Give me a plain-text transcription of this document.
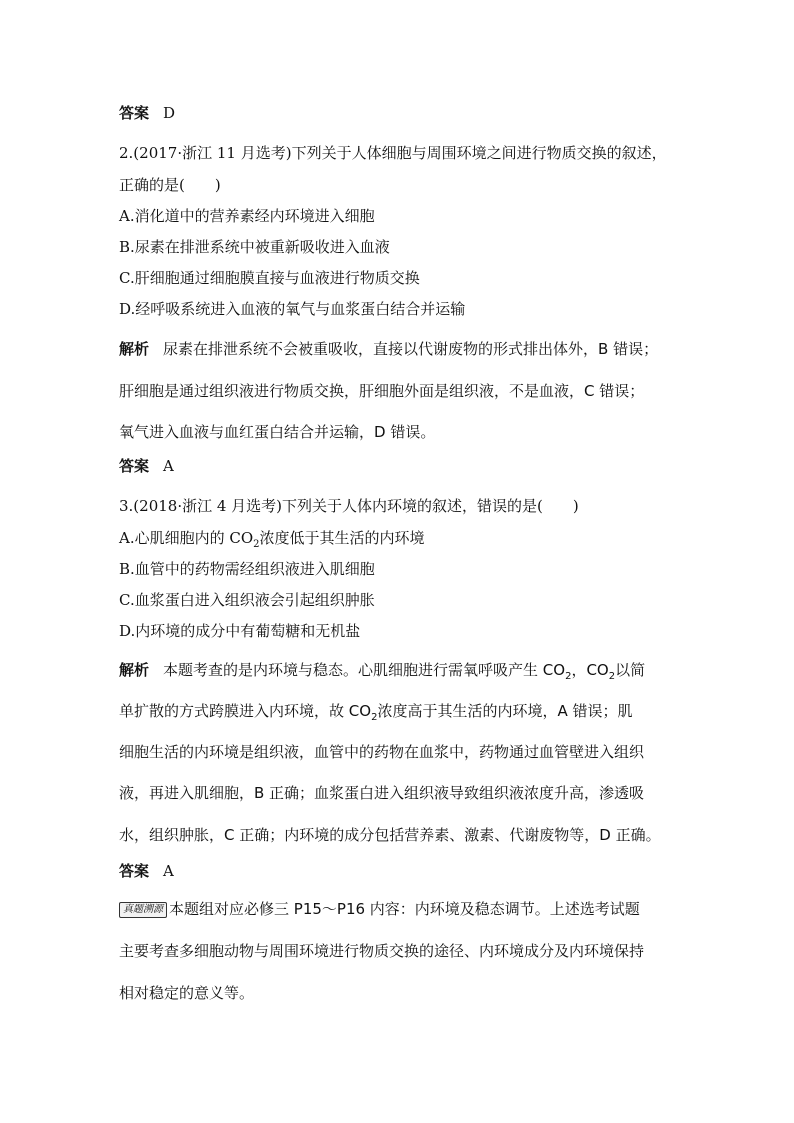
答案 D
2.(2017·浙江 11 月选考)下列关于人体细胞与周围环境之间进行物质交换的叙述，
正确的是(　　)
A.消化道中的营养素经内环境进入细胞
B.尿素在排泄系统中被重新吸收进入血液
C.肝细胞通过细胞膜直接与血液进行物质交换
D.经呼吸系统进入血液的氧气与血浆蛋白结合并运输
解析 尿素在排泄系统不会被重吸收，直接以代谢废物的形式排出体外，B 错误；
肝细胞是通过组织液进行物质交换，肝细胞外面是组织液，不是血液，C 错误；
氧气进入血液与血红蛋白结合并运输，D 错误。
答案 A
3.(2018·浙江 4 月选考)下列关于人体内环境的叙述，错误的是(　　)
A.心肌细胞内的 $CO_2$浓度低于其生活的内环境
B.血管中的药物需经组织液进入肌细胞
C.血浆蛋白进入组织液会引起组织肿胀
D.内环境的成分中有葡萄糖和无机盐
解析 本题考查的是内环境与稳态。心肌细胞进行需氧呼吸产生 $CO_2$，$CO_2$以简
单扩散的方式跨膜进入内环境，故 $CO_2$浓度高于其生活的内环境，A 错误；肌
细胞生活的内环境是组织液，血管中的药物在血浆中，药物通过血管壁进入组织
液，再进入肌细胞，B 正确；血浆蛋白进入组织液导致组织液浓度升高，渗透吸
水，组织肿胀，C 正确；内环境的成分包括营养素、激素、代谢废物等，D 正确。
答案 A
真题溯源 本题组对应必修三 P15～P16 内容：内环境及稳态调节。上述选考试题
主要考查多细胞动物与周围环境进行物质交换的途径、内环境成分及内环境保持
相对稳定的意义等。
